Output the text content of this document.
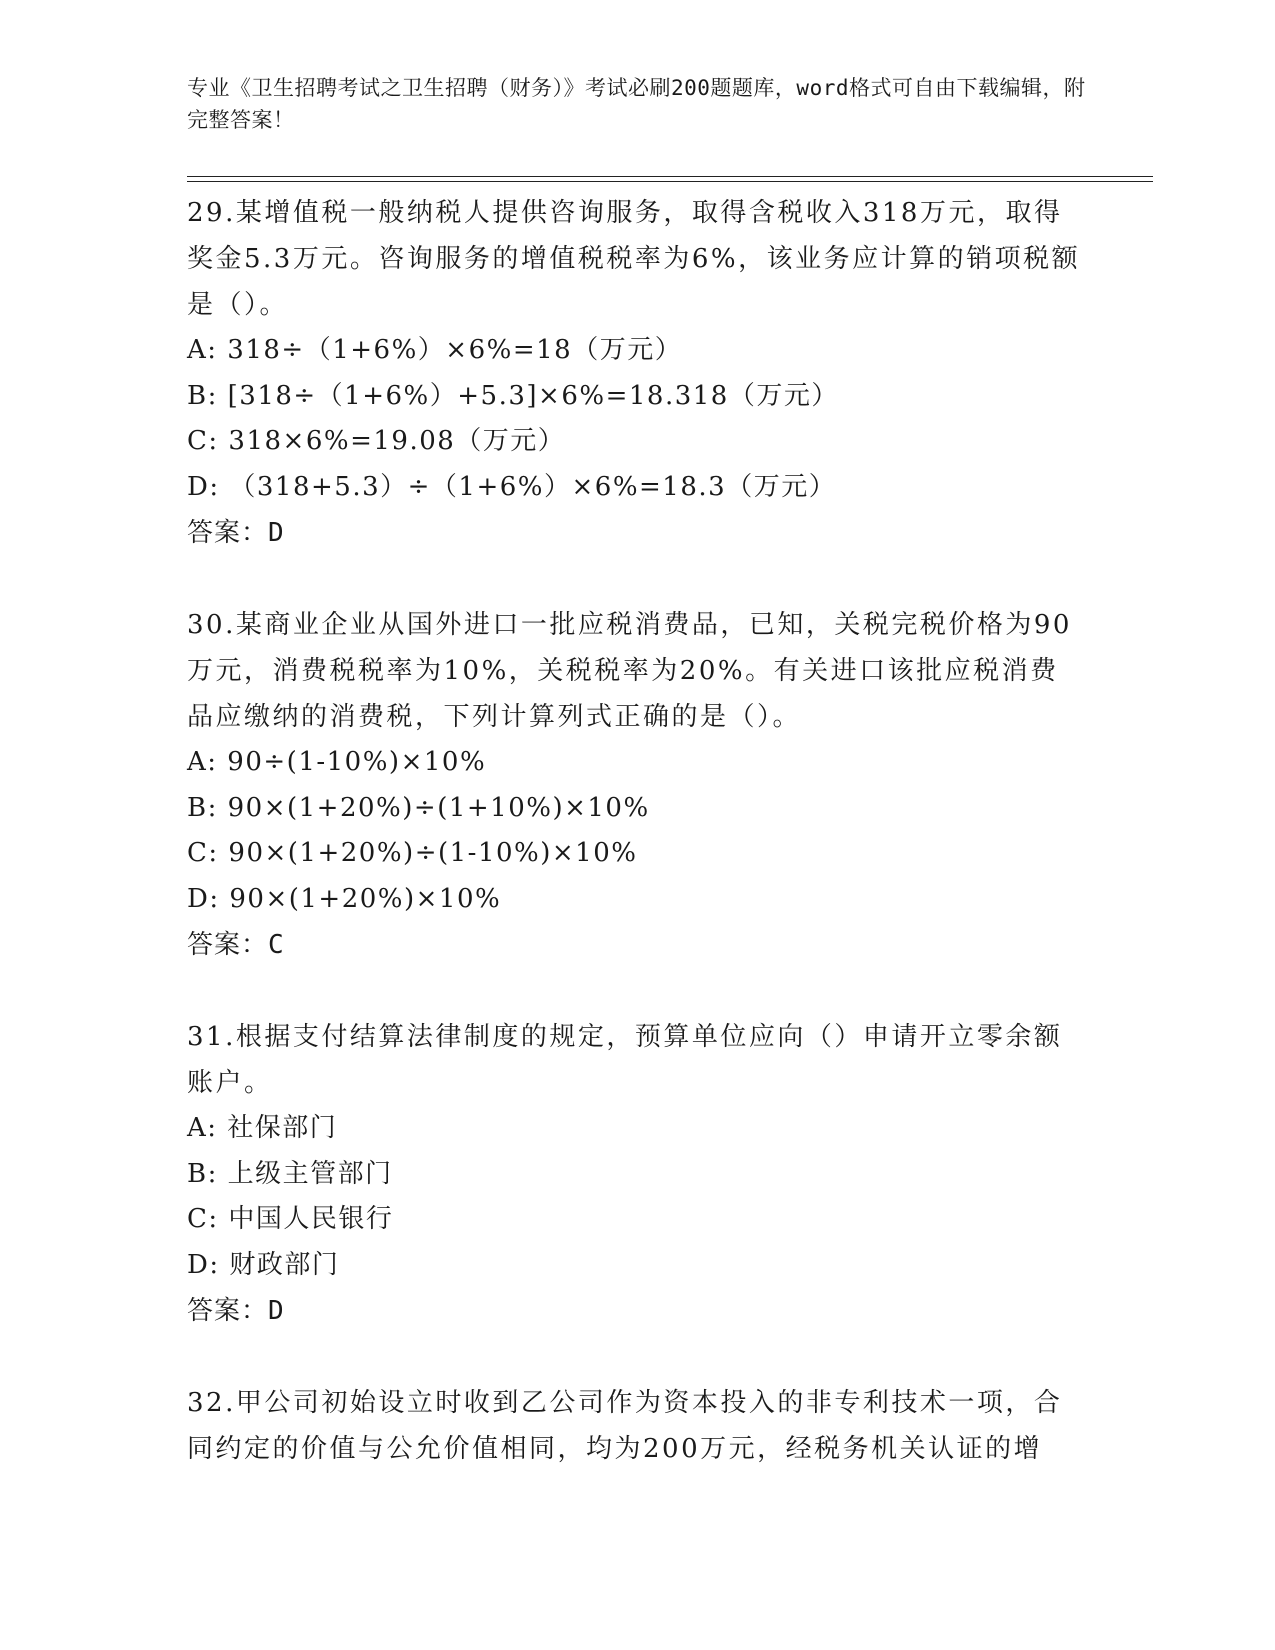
专业《卫生招聘考试之卫生招聘（财务）》考试必刷200题题库，word格式可自由下载编辑，附完整答案！

29.某增值税一般纳税人提供咨询服务，取得含税收入318万元，取得奖金5.3万元。咨询服务的增值税税率为6%，该业务应计算的销项税额是（）。

A: 318÷（1+6%）×6%=18（万元）

B: [318÷（1+6%）+5.3]×6%=18.318（万元）

C: 318×6%=19.08（万元）

D: （318+5.3）÷（1+6%）×6%=18.3（万元）

答案：D

30.某商业企业从国外进口一批应税消费品，已知，关税完税价格为90万元，消费税税率为10%，关税税率为20%。有关进口该批应税消费品应缴纳的消费税，下列计算列式正确的是（）。

A: 90÷(1-10%)×10%

B: 90×(1+20%)÷(1+10%)×10%

C: 90×(1+20%)÷(1-10%)×10%

D: 90×(1+20%)×10%

答案：C

31.根据支付结算法律制度的规定，预算单位应向（）申请开立零余额账户。

A: 社保部门

B: 上级主管部门

C: 中国人民银行

D: 财政部门

答案：D

32.甲公司初始设立时收到乙公司作为资本投入的非专利技术一项，合同约定的价值与公允价值相同，均为200万元，经税务机关认证的增
